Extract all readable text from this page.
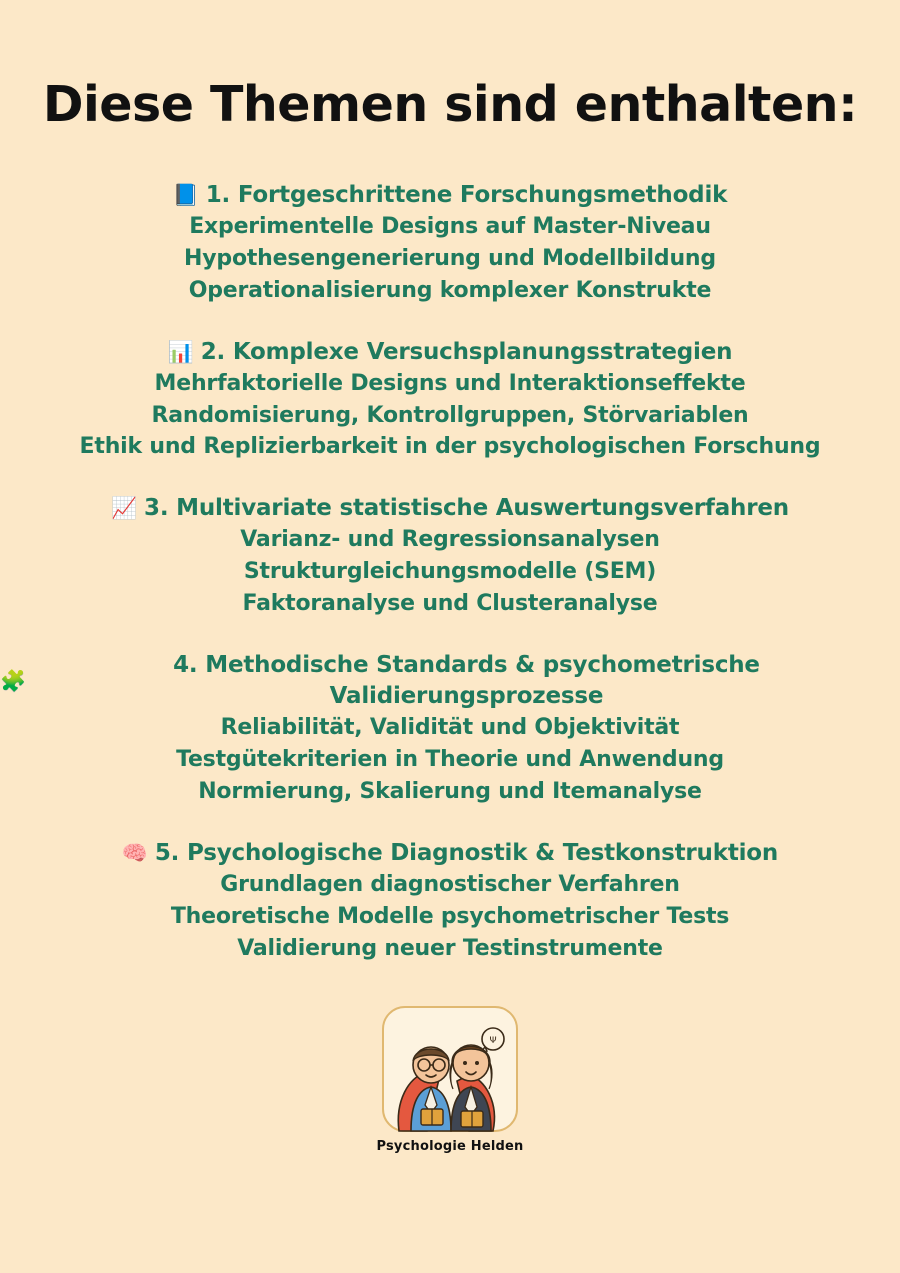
Diese Themen sind enthalten:
📘 1. Fortgeschrittene Forschungsmethodik
Experimentelle Designs auf Master-Niveau
Hypothesengenerierung und Modellbildung
Operationalisierung komplexer Konstrukte
📊 2. Komplexe Versuchsplanungsstrategien
Mehrfaktorielle Designs und Interaktionseffekte
Randomisierung, Kontrollgruppen, Störvariablen
Ethik und Replizierbarkeit in der psychologischen Forschung
📈 3. Multivariate statistische Auswertungsverfahren
Varianz- und Regressionsanalysen
Strukturgleichungsmodelle (SEM)
Faktoranalyse und Clusteranalyse
🧩
4. Methodische Standards & psychometrische Validierungsprozesse
Reliabilität, Validität und Objektivität
Testgütekriterien in Theorie und Anwendung
Normierung, Skalierung und Itemanalyse
🧠 5. Psychologische Diagnostik & Testkonstruktion
Grundlagen diagnostischer Verfahren
Theoretische Modelle psychometrischer Tests
Validierung neuer Testinstrumente
Ψ
Psychologie Helden
